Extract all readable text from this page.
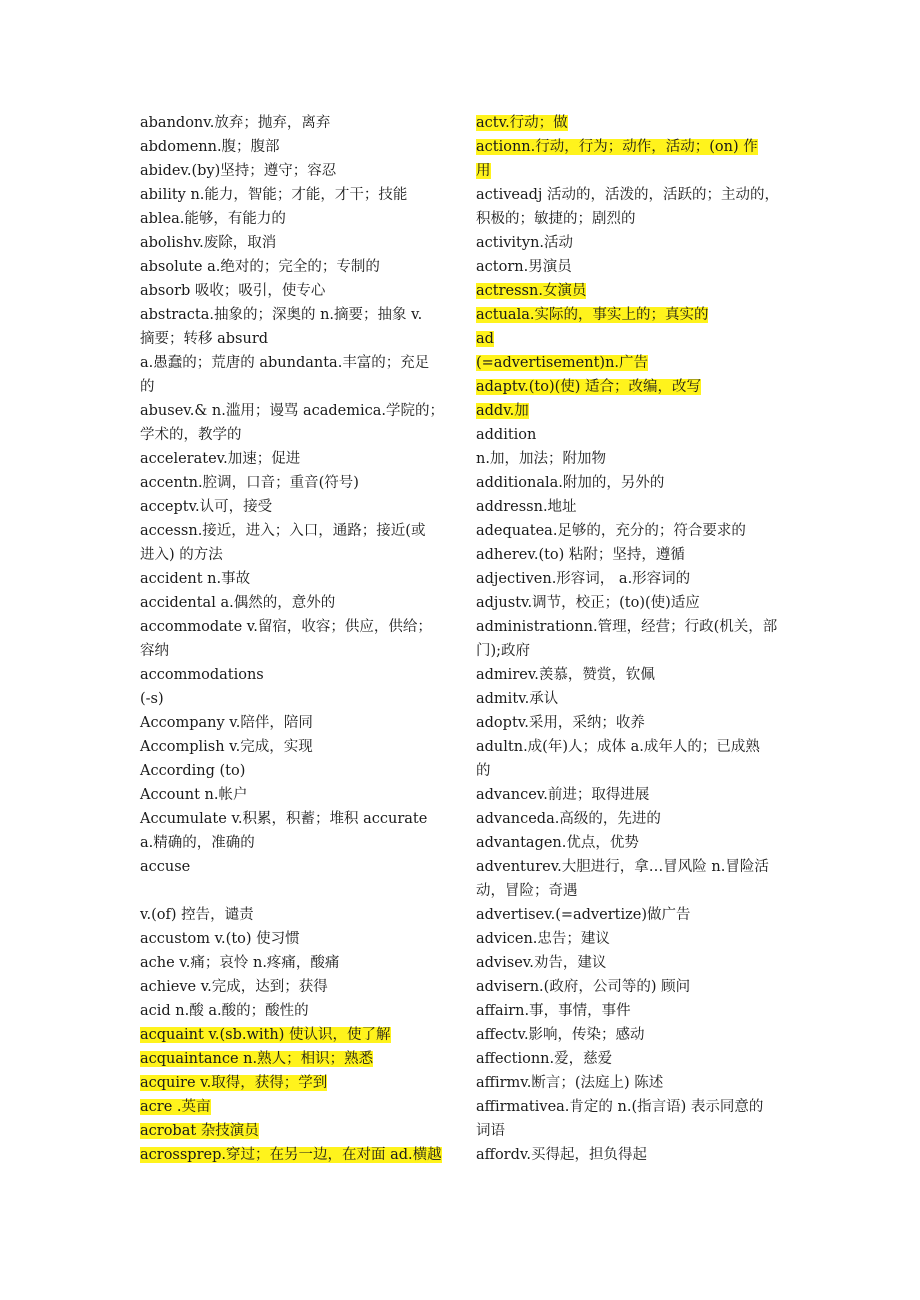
abandonv.放弃；抛弃，离弃
abdomenn.腹；腹部
abidev.(by)坚持；遵守；容忍
ability n.能力，智能；才能，才干；技能
ablea.能够，有能力的
abolishv.废除，取消
absolute a.绝对的；完全的；专制的
absorb 吸收；吸引，使专心
abstracta.抽象的；深奥的 n.摘要；抽象 v.
摘要；转移 absurd
a.愚蠢的；荒唐的 abundanta.丰富的；充足
的
abusev.& n.滥用；谩骂 academica.学院的；
学术的，教学的
acceleratev.加速；促进
accentn.腔调，口音；重音(符号)
acceptv.认可，接受
accessn.接近，进入；入口，通路；接近(或
进入) 的方法
accident n.事故
accidental a.偶然的，意外的
accommodate v.留宿，收容；供应，供给；
容纳
accommodations
(-s)
Accompany v.陪伴，陪同
Accomplish v.完成，实现
According (to)
Account n.帐户
Accumulate v.积累，积蓄；堆积 accurate
a.精确的，准确的
accuse
v.(of) 控告，谴责
accustom v.(to) 使习惯
ache v.痛；哀怜 n.疼痛，酸痛
achieve v.完成，达到；获得
acid n.酸 a.酸的；酸性的
acquaint v.(sb.with) 使认识，使了解
acquaintance n.熟人；相识；熟悉
acquire v.取得，获得；学到
acre .英亩
acrobat 杂技演员
acrossprep.穿过；在另一边，在对面 ad.横越
actv.行动；做
actionn.行动，行为；动作，活动；(on) 作
用
activeadj 活动的，活泼的，活跃的；主动的，
积极的；敏捷的；剧烈的
activityn.活动
actorn.男演员
actressn.女演员
actuala.实际的，事实上的；真实的
ad
(=advertisement)n.广告
adaptv.(to)(使) 适合；改编，改写
addv.加
addition
n.加，加法；附加物
additionala.附加的，另外的
addressn.地址
adequatea.足够的，充分的；符合要求的
adherev.(to) 粘附；坚持，遵循
adjectiven.形容词， a.形容词的
adjustv.调节，校正；(to)(使)适应
administrationn.管理，经营；行政(机关，部
门);政府
admirev.羡慕，赞赏，钦佩
admitv.承认
adoptv.采用，采纳；收养
adultn.成(年)人；成体 a.成年人的；已成熟
的
advancev.前进；取得进展
advanceda.高级的，先进的
advantagen.优点，优势
adventurev.大胆进行，拿…冒风险 n.冒险活
动，冒险；奇遇
advertisev.(=advertize)做广告
advicen.忠告；建议
advisev.劝告，建议
advisern.(政府，公司等的) 顾问
affairn.事，事情，事件
affectv.影响，传染；感动
affectionn.爱，慈爱
affirmv.断言；(法庭上) 陈述
affirmativea.肯定的 n.(指言语) 表示同意的
词语
affordv.买得起，担负得起
